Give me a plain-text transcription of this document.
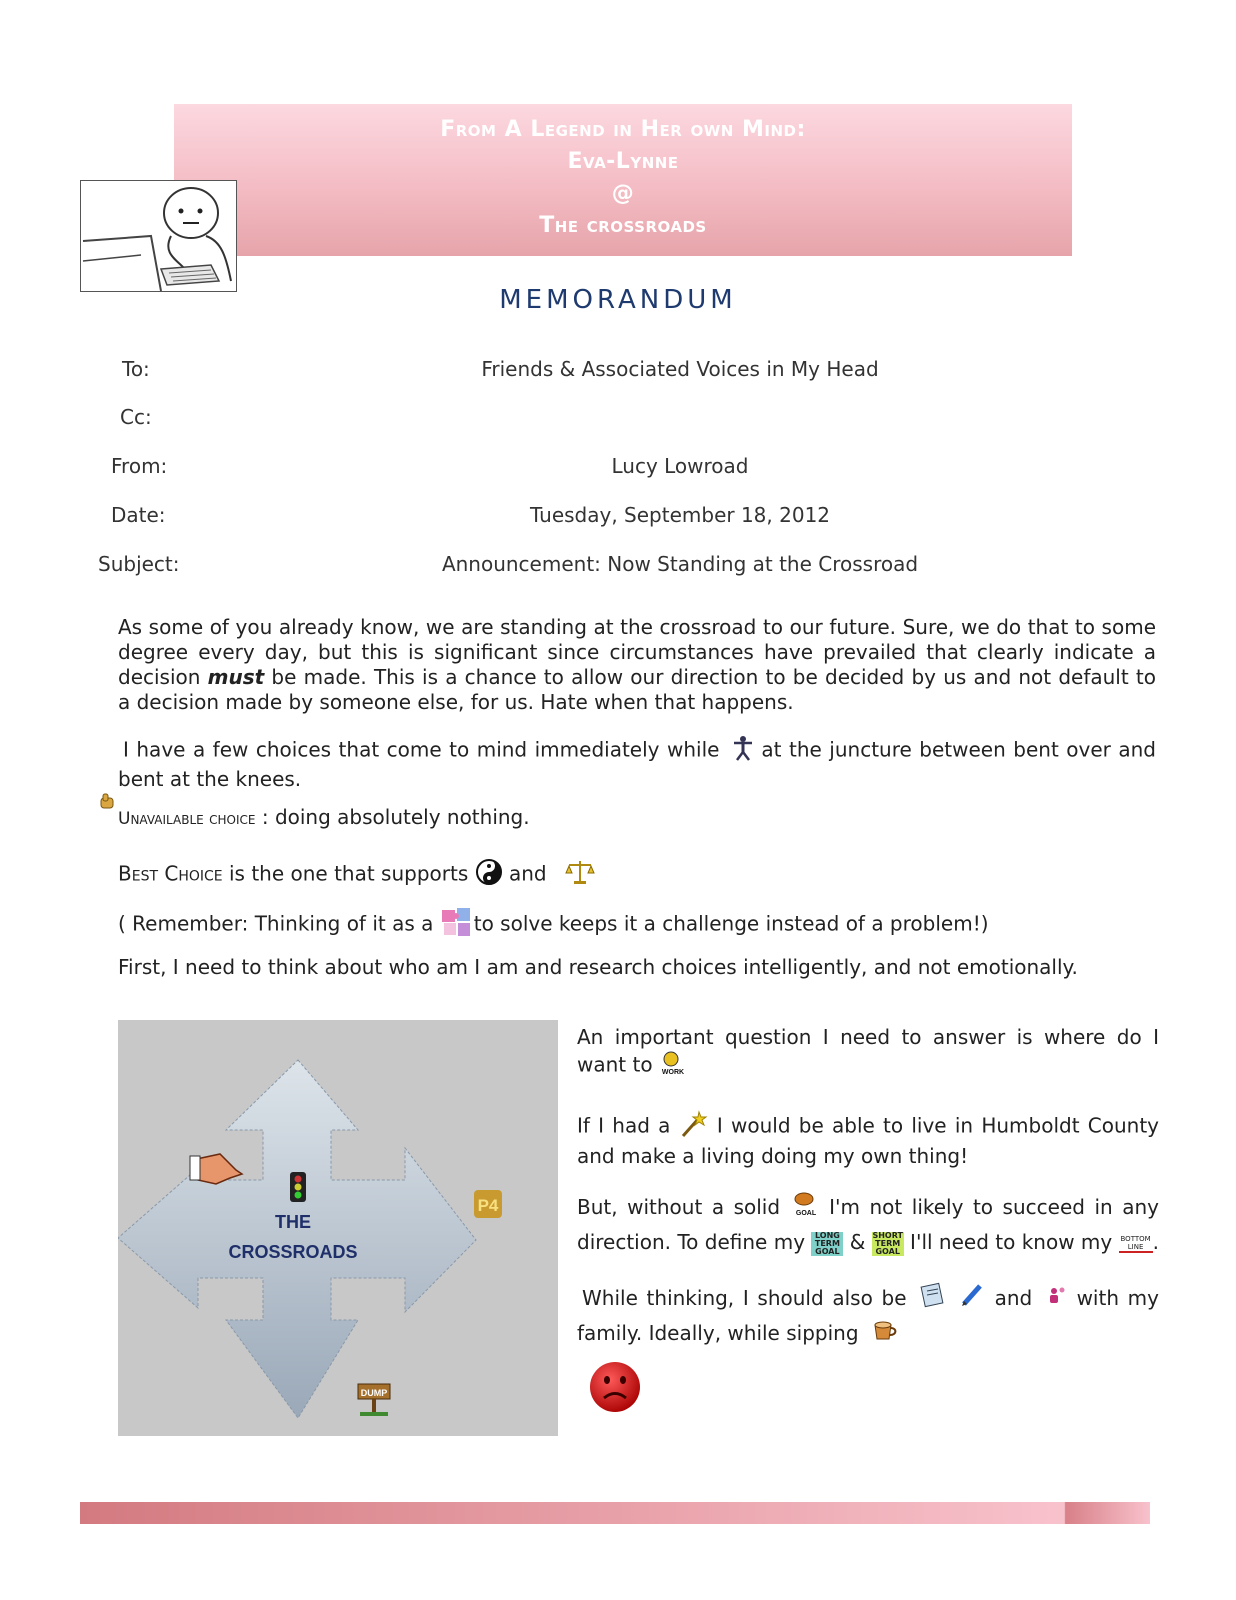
From A Legend in Her own Mind:
Eva-Lynne
@
The crossroads
MEMORANDUM
To:	Friends & Associated Voices in My Head
Cc:
From:	Lucy Lowroad
Date:	Tuesday, September 18, 2012
Subject:	Announcement: Now Standing at the Crossroad
As some of you already know, we are standing at the crossroad to our future. Sure, we do that to some degree every day, but this is significant since circumstances have prevailed that clearly indicate a decision must be made. This is a chance to allow our direction to be decided by us and not default to a decision made by someone else, for us. Hate when that happens.
I have a few choices that come to mind immediately while  at the juncture between bent over and bent at the knees.
Unavailable choice : doing absolutely nothing.
Best Choice is the one that supports  and
( Remember: Thinking of it as a to solve keeps it a challenge instead of a problem!)
First, I need to think about who am I am and research choices intelligently, and not emotionally.
THE
CROSSROADS
P4
DUMP
An important question I need to answer is where do I want to WORK
If I had a  I would be able to live in Humboldt County and make a living doing my own thing!
But, without a solid GOAL I'm not likely to succeed in any direction. To define my LONG TERM GOAL & SHORT TERM GOAL I'll need to know my BOTTOM LINE .
While thinking, I should also be	and  with my family. Ideally, while sipping
